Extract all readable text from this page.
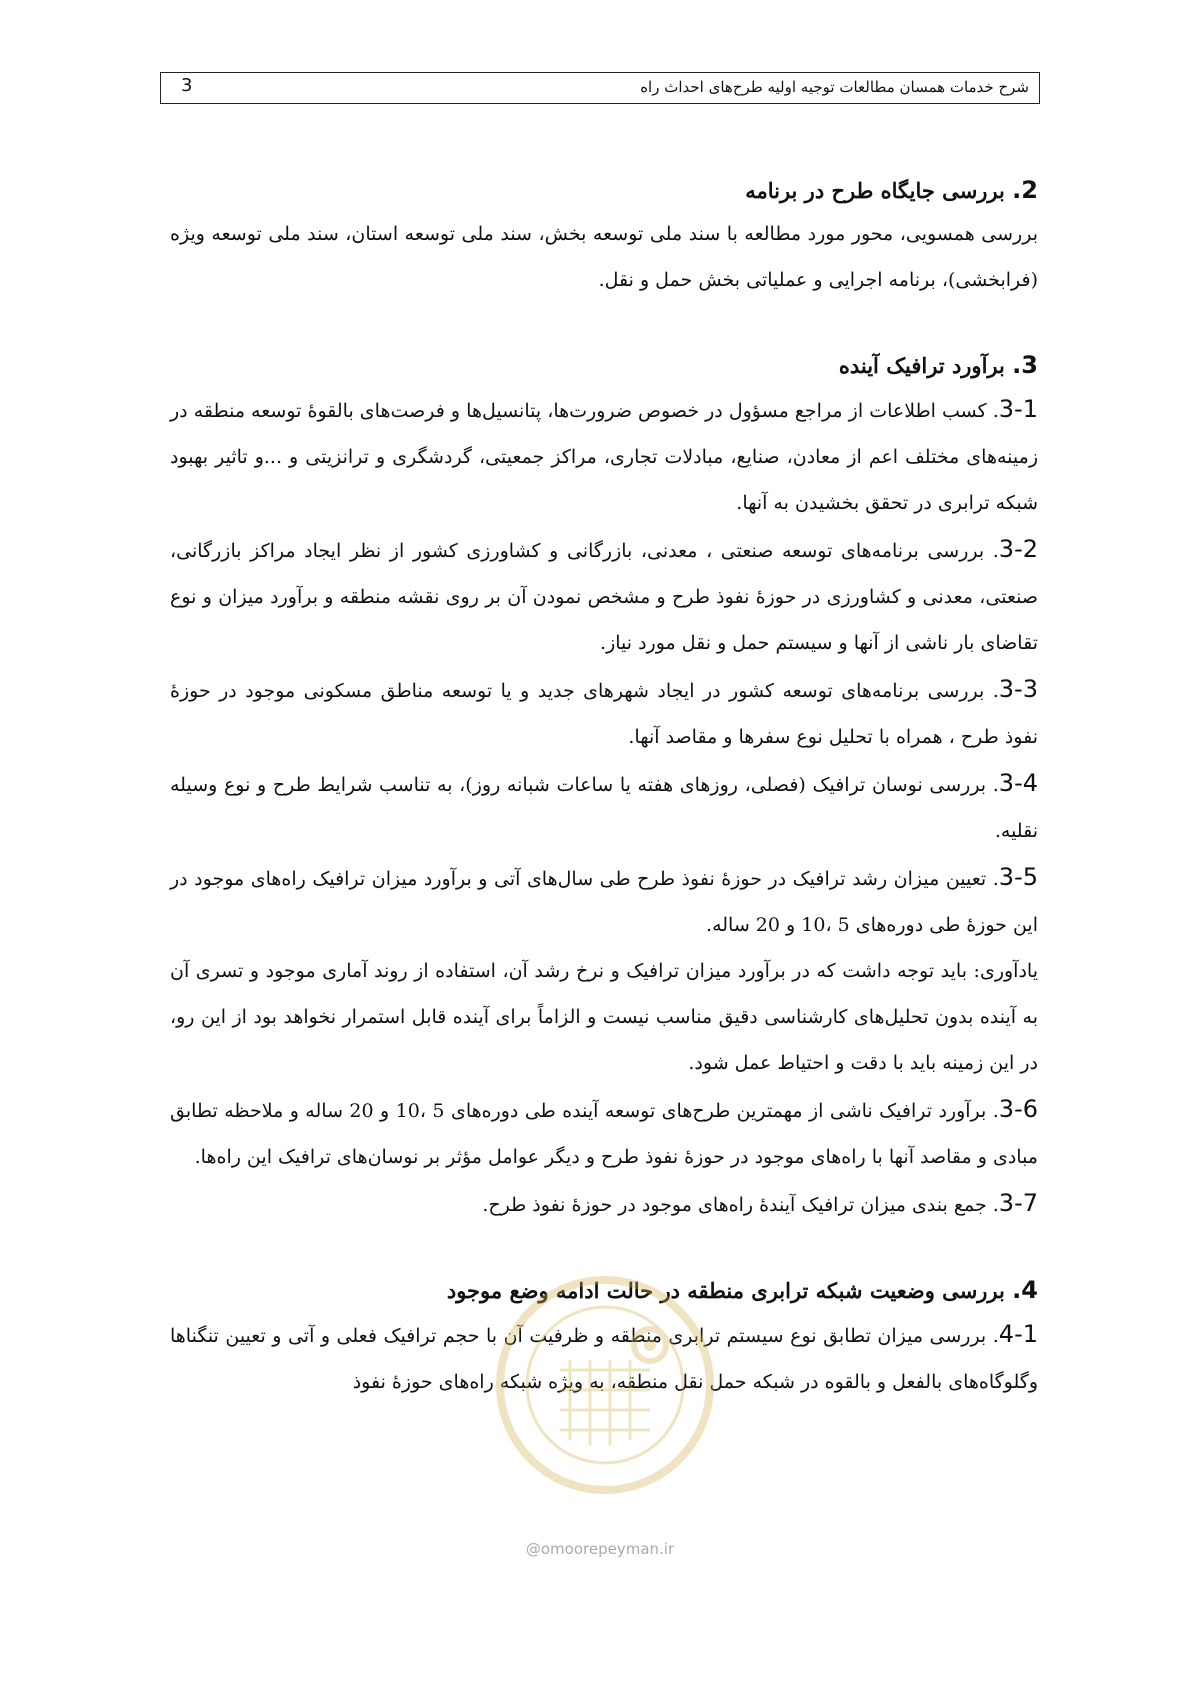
شرح خدمات همسان مطالعات توجیه اولیه طرح‌های احداث راه
3
2. بررسی جایگاه طرح در برنامه

بررسی همسویی، محور مورد مطالعه با سند ملی توسعه بخش، سند ملی توسعه استان، سند ملی توسعه ویژه (فرابخشی)، برنامه اجرایی و عملیاتی بخش حمل و نقل.

3. برآورد ترافیک آینده

3-1. کسب اطلاعات از مراجع مسؤول در خصوص ضرورت‌ها، پتانسیل‌ها و فرصت‌های بالقوهٔ توسعه منطقه در زمینه‌های مختلف اعم از معادن، صنایع، مبادلات تجاری، مراکز جمعیتی، گردشگری و ترانزیتی و ...و تاثیر بهبود شبکه ترابری در تحقق بخشیدن به آنها.

3-2. بررسی برنامه‌های توسعه صنعتی ، معدنی، بازرگانی و کشاورزی کشور از نظر ایجاد مراکز بازرگانی، صنعتی، معدنی و کشاورزی در حوزهٔ نفوذ طرح و مشخص نمودن آن بر روی نقشه منطقه و برآورد میزان و نوع تقاضای بار ناشی از آنها و سیستم حمل و نقل مورد نیاز.

3-3. بررسی برنامه‌های توسعه کشور در ایجاد شهرهای جدید و یا توسعه مناطق مسکونی موجود در حوزهٔ نفوذ طرح ، همراه با تحلیل نوع سفرها و مقاصد آنها.

3-4. بررسی نوسان ترافیک (فصلی، روزهای هفته یا ساعات شبانه روز)، به تناسب شرایط طرح و نوع وسیله نقلیه.

3-5. تعیین میزان رشد ترافیک در حوزهٔ نفوذ طرح طی سال‌های آتی و برآورد میزان ترافیک راه‌های موجود در این حوزهٔ طی دوره‌های 5 ،10 و 20 ساله.

یادآوری: باید توجه داشت که در برآورد میزان ترافیک و نرخ رشد آن، استفاده از روند آماری موجود و تسری آن به آینده بدون تحلیل‌های کارشناسی دقیق مناسب نیست و الزاماً برای آینده قابل استمرار نخواهد بود از این رو، در این زمینه باید با دقت و احتیاط عمل شود.

3-6. برآورد ترافیک ناشی از مهمترین طرح‌های توسعه آینده طی دوره‌های 5 ،10 و 20 ساله و ملاحظه تطابق مبادی و مقاصد آنها با راه‌های موجود در حوزهٔ نفوذ طرح و دیگر عوامل مؤثر بر نوسان‌های ترافیک این راه‌ها.

3-7. جمع بندی میزان ترافیک آیندهٔ راه‌های موجود در حوزهٔ نفوذ طرح.

4. بررسی وضعیت شبکه ترابری منطقه در حالت ادامه وضع موجود

4-1. بررسی میزان تطابق نوع سیستم ترابری منطقه و ظرفیت آن با حجم ترافیک فعلی و آتی و تعیین تنگناها وگلوگاه‌های بالفعل و بالقوه در شبکه حمل نقل منطقه، به ویژه شبکه راه‌های حوزهٔ نفوذ

@omoorepeyman.ir
